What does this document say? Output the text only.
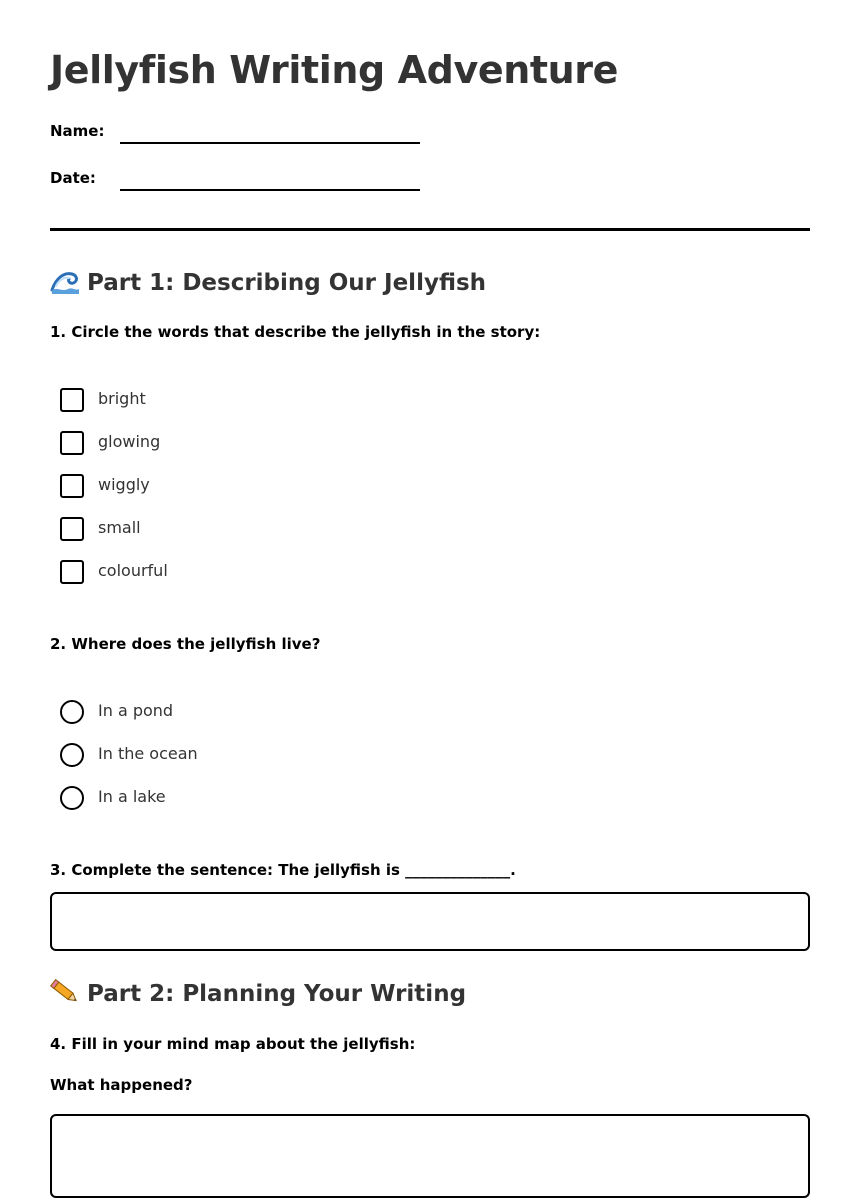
Jellyfish Writing Adventure
Name:
Date:
Part 1: Describing Our Jellyfish

1. Circle the words that describe the jellyfish in the story:

bright
glowing
wiggly
small
colourful

2. Where does the jellyfish live?

In a pond
In the ocean
In a lake

3. Complete the sentence: The jellyfish is ______________.

Part 2: Planning Your Writing

4. Fill in your mind map about the jellyfish:

What happened?
